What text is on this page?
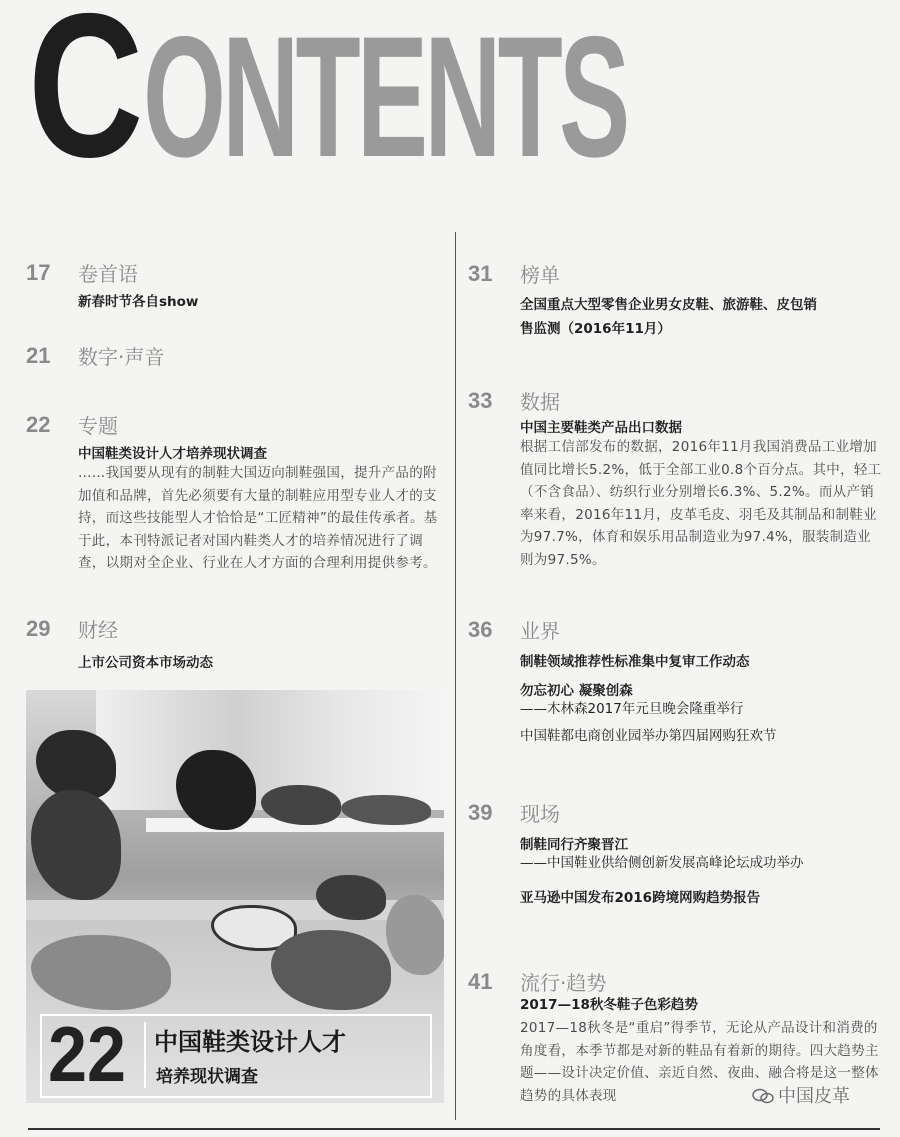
CONTENTS
17 卷首语
新春时节各自show
21 数字·声音
22 专题
中国鞋类设计人才培养现状调查
……我国要从现有的制鞋大国迈向制鞋强国，提升产品的附加值和品牌，首先必须要有大量的制鞋应用型专业人才的支持，而这些技能型人才恰恰是“工匠精神”的最佳传承者。基于此，本刊特派记者对国内鞋类人才的培养情况进行了调查，以期对全企业、行业在人才方面的合理利用提供参考。
29 财经
上市公司资本市场动态
22 中国鞋类设计人才
培养现状调查
31 榜单
全国重点大型零售企业男女皮鞋、旅游鞋、皮包销
售监测（2016年11月）
33 数据
中国主要鞋类产品出口数据
根据工信部发布的数据，2016年11月我国消费品工业增加值同比增长5.2%，低于全部工业0.8个百分点。其中，轻工（不含食品）、纺织行业分别增长6.3%、5.2%。而从产销率来看，2016年11月，皮革毛皮、羽毛及其制品和制鞋业为97.7%，体育和娱乐用品制造业为97.4%，服装制造业则为97.5%。
36 业界
制鞋领域推荐性标准集中复审工作动态
勿忘初心 凝聚创森
——木林森2017年元旦晚会隆重举行
中国鞋都电商创业园举办第四届网购狂欢节
39 现场
制鞋同行齐聚晋江
——中国鞋业供给侧创新发展高峰论坛成功举办
亚马逊中国发布2016跨境网购趋势报告
41 流行·趋势
2017—18秋冬鞋子色彩趋势
2017—18秋冬是“重启”得季节，无论从产品设计和消费的角度看，本季节都是对新的鞋品有着新的期待。四大趋势主题——设计决定价值、亲近自然、夜曲、融合将是这一整体趋势的具体表现	中国皮革
